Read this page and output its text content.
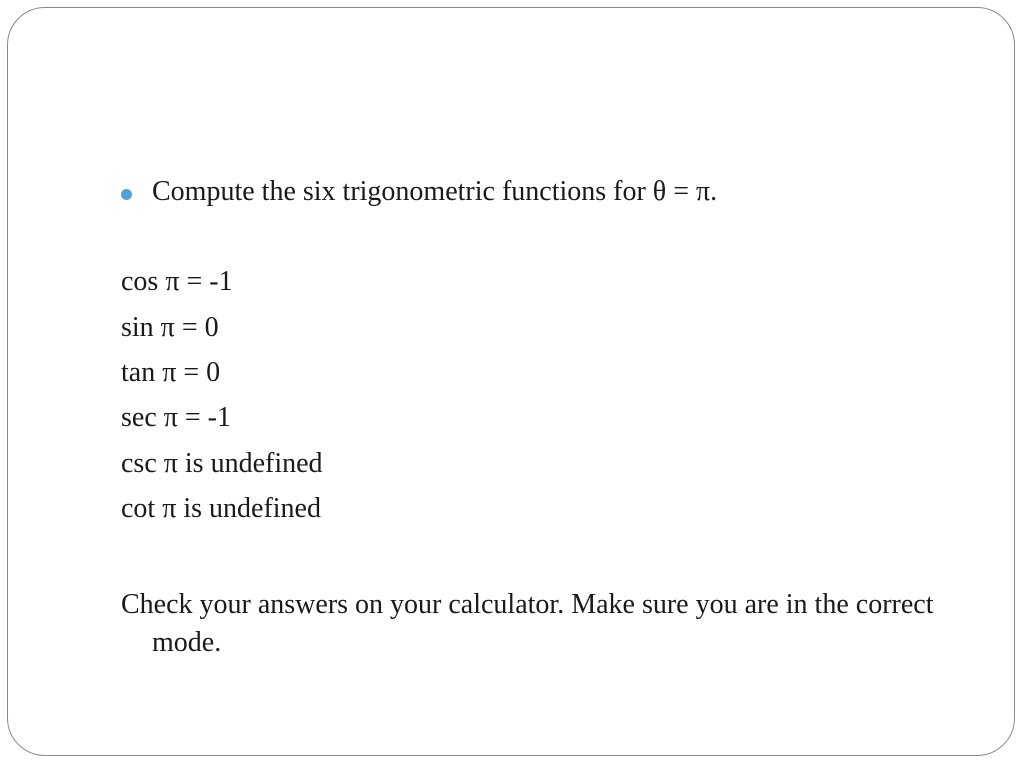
Compute the six trigonometric functions for θ = π.
cos π = -1
sin π = 0
tan π = 0
sec π = -1
csc π is undefined
cot π is undefined
Check your answers on your calculator. Make sure you are in the correct mode.
